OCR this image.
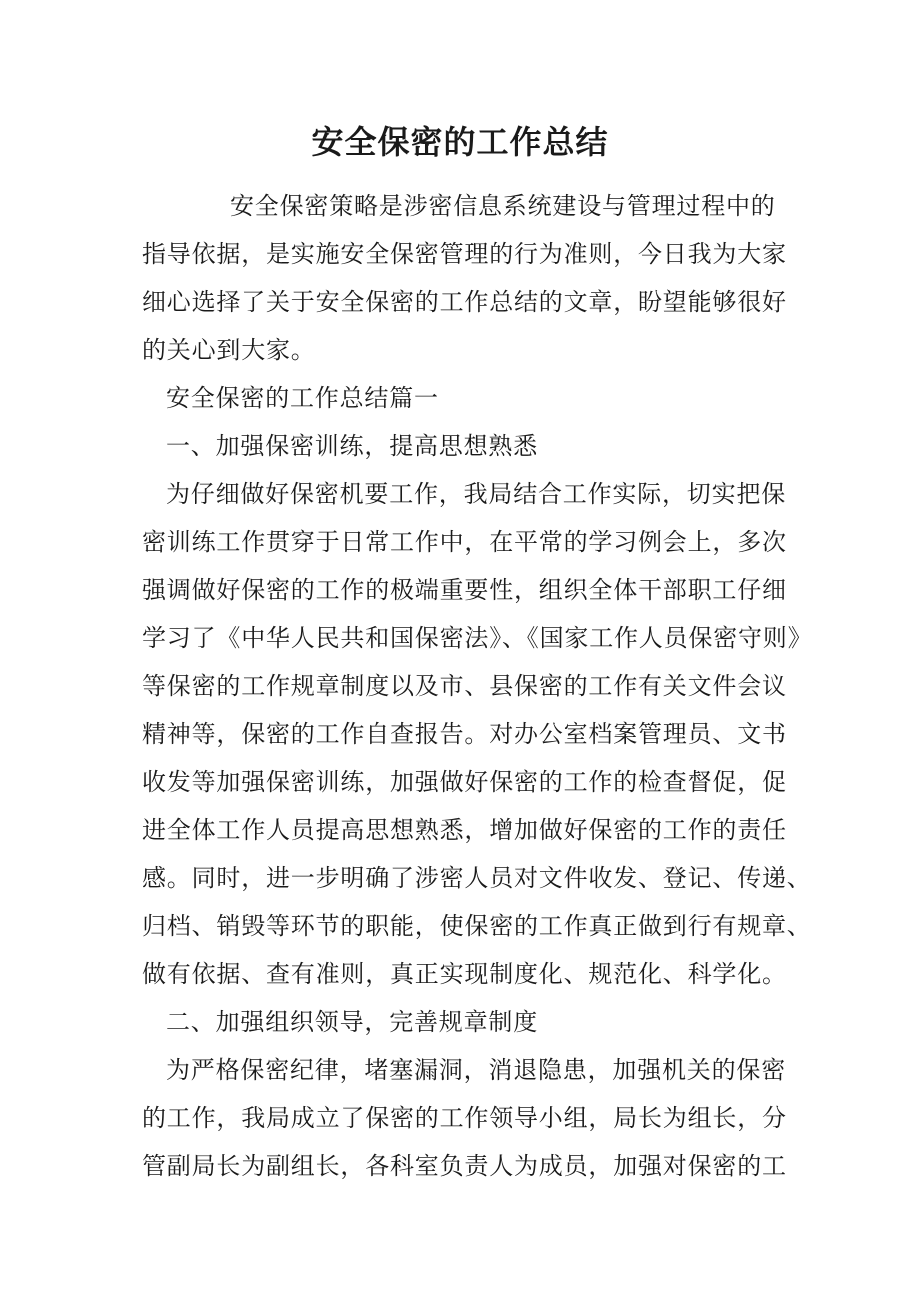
安全保密的工作总结
安全保密策略是涉密信息系统建设与管理过程中的
指导依据，是实施安全保密管理的行为准则，今日我为大家
细心选择了关于安全保密的工作总结的文章，盼望能够很好
的关心到大家。
安全保密的工作总结篇一
一、加强保密训练，提高思想熟悉
为仔细做好保密机要工作，我局结合工作实际，切实把保
密训练工作贯穿于日常工作中，在平常的学习例会上，多次
强调做好保密的工作的极端重要性，组织全体干部职工仔细
学习了《中华人民共和国保密法》、《国家工作人员保密守则》
等保密的工作规章制度以及市、县保密的工作有关文件会议
精神等，保密的工作自查报告。对办公室档案管理员、文书
收发等加强保密训练，加强做好保密的工作的检查督促，促
进全体工作人员提高思想熟悉，增加做好保密的工作的责任
感。同时，进一步明确了涉密人员对文件收发、登记、传递、
归档、销毁等环节的职能，使保密的工作真正做到行有规章、
做有依据、查有准则，真正实现制度化、规范化、科学化。
二、加强组织领导，完善规章制度
为严格保密纪律，堵塞漏洞，消退隐患，加强机关的保密
的工作，我局成立了保密的工作领导小组，局长为组长，分
管副局长为副组长，各科室负责人为成员，加强对保密的工
